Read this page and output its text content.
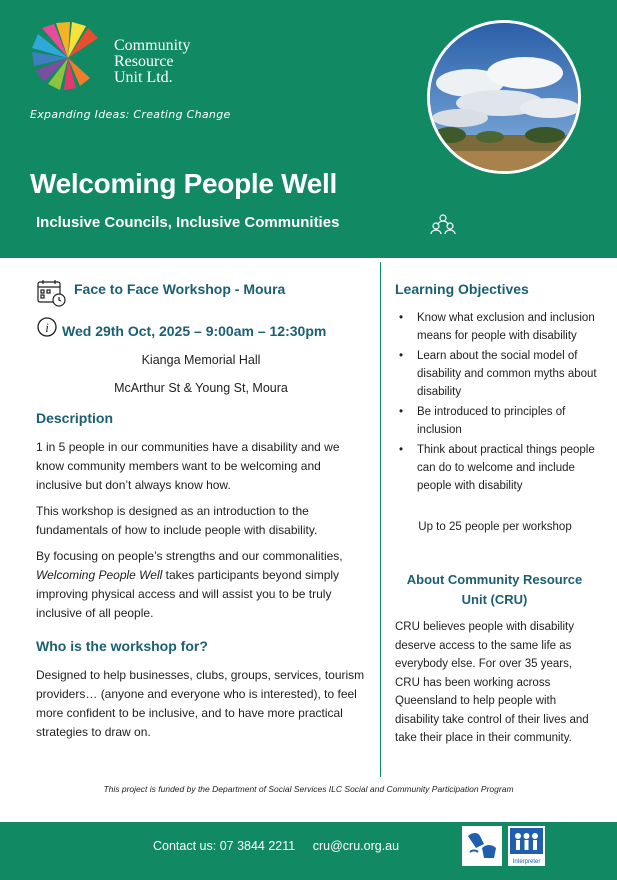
Community
Resource
Unit Ltd.
Expanding Ideas: Creating Change
Welcoming People Well
Inclusive Councils, Inclusive Communities
Face to Face Workshop - Moura
i Wed 29th Oct, 2025 – 9:00am – 12:30pm
Kianga Memorial Hall
McArthur St & Young St, Moura
Description

1 in 5 people in our communities have a disability and we know community members want to be welcoming and inclusive but don’t always know how.

This workshop is designed as an introduction to the fundamentals of how to include people with disability.

By focusing on people’s strengths and our commonalities, Welcoming People Well takes participants beyond simply improving physical access and will assist you to be truly inclusive of all people.

Who is the workshop for?

Designed to help businesses, clubs, groups, services, tourism providers… (anyone and everyone who is interested), to feel more confident to be inclusive, and to have more practical strategies to draw on.

Learning Objectives
• Know what exclusion and inclusion means for people with disability
• Learn about the social model of disability and common myths about disability
• Be introduced to principles of inclusion
• Think about practical things people can do to welcome and include people with disability
Up to 25 people per workshop
About Community Resource
Unit (CRU)
CRU believes people with disability deserve access to the same life as everybody else. For over 35 years, CRU has been working across Queensland to help people with disability take control of their lives and take their place in their community.
This project is funded by the Department of Social Services ILC Social and Community Participation Program
Contact us: 07 3844 2211 cru@cru.org.au
Interpreter
